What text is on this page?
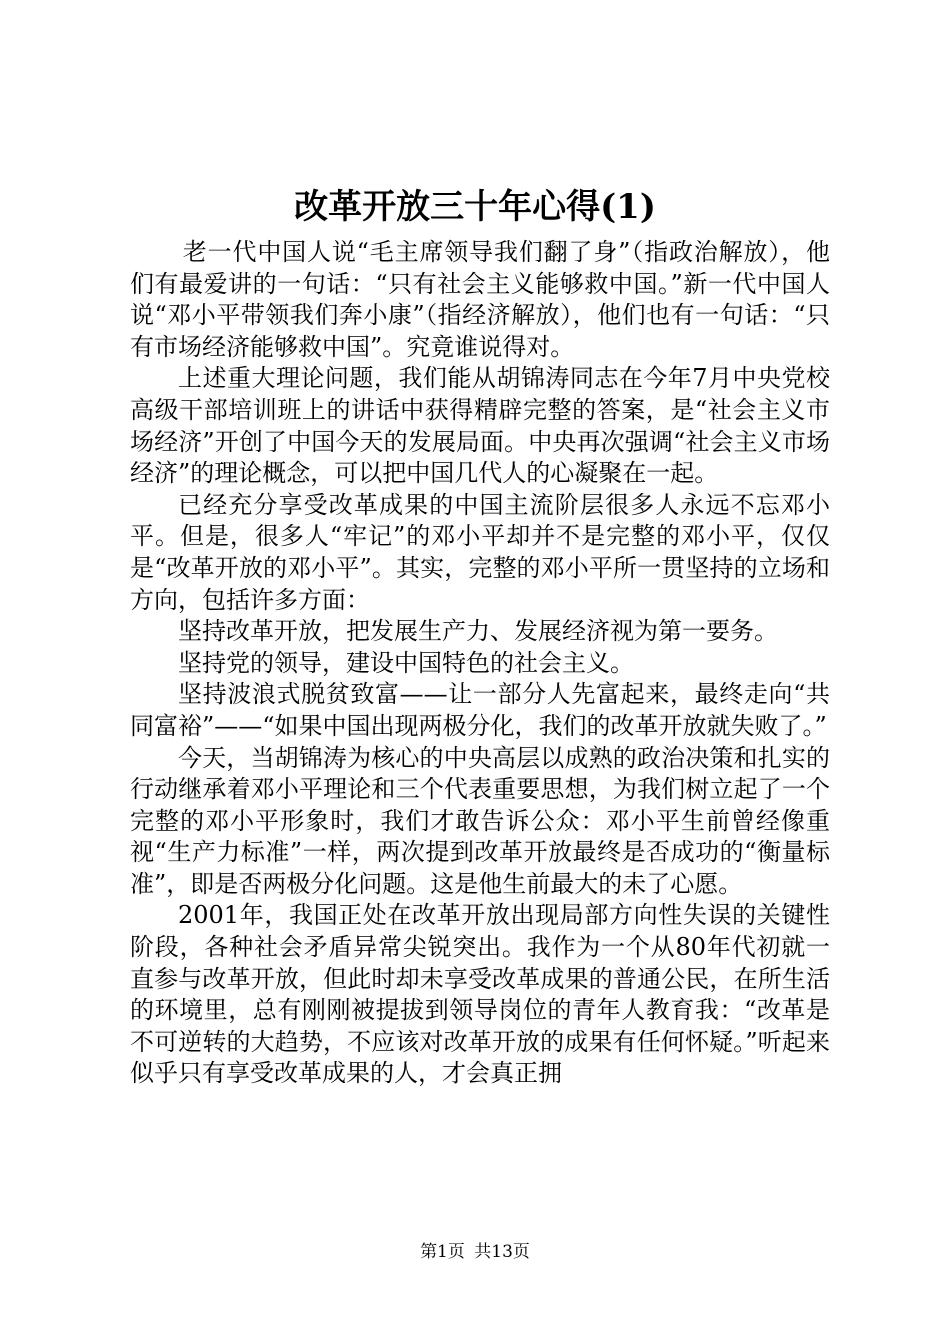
改革开放三十年心得(1)

老一代中国人说“毛主席领导我们翻了身”（指政治解放），他们有最爱讲的一句话：“只有社会主义能够救中国。”新一代中国人说“邓小平带领我们奔小康”（指经济解放），他们也有一句话：“只有市场经济能够救中国”。究竟谁说得对。

上述重大理论问题，我们能从胡锦涛同志在今年7月中央党校高级干部培训班上的讲话中获得精辟完整的答案，是“社会主义市场经济”开创了中国今天的发展局面。中央再次强调“社会主义市场经济”的理论概念，可以把中国几代人的心凝聚在一起。

已经充分享受改革成果的中国主流阶层很多人永远不忘邓小平。但是，很多人“牢记”的邓小平却并不是完整的邓小平，仅仅是“改革开放的邓小平”。其实，完整的邓小平所一贯坚持的立场和方向，包括许多方面：

坚持改革开放，把发展生产力、发展经济视为第一要务。

坚持党的领导，建设中国特色的社会主义。

坚持波浪式脱贫致富——让一部分人先富起来，最终走向“共同富裕”——“如果中国出现两极分化，我们的改革开放就失败了。”

今天，当胡锦涛为核心的中央高层以成熟的政治决策和扎实的行动继承着邓小平理论和三个代表重要思想，为我们树立起了一个完整的邓小平形象时，我们才敢告诉公众：邓小平生前曾经像重视“生产力标准”一样，两次提到改革开放最终是否成功的“衡量标准”，即是否两极分化问题。这是他生前最大的未了心愿。

2001年，我国正处在改革开放出现局部方向性失误的关键性阶段，各种社会矛盾异常尖锐突出。我作为一个从80年代初就一直参与改革开放，但此时却未享受改革成果的普通公民，在所生活的环境里，总有刚刚被提拔到领导岗位的青年人教育我：“改革是不可逆转的大趋势，不应该对改革开放的成果有任何怀疑。”听起来似乎只有享受改革成果的人，才会真正拥

第1页 共13页
